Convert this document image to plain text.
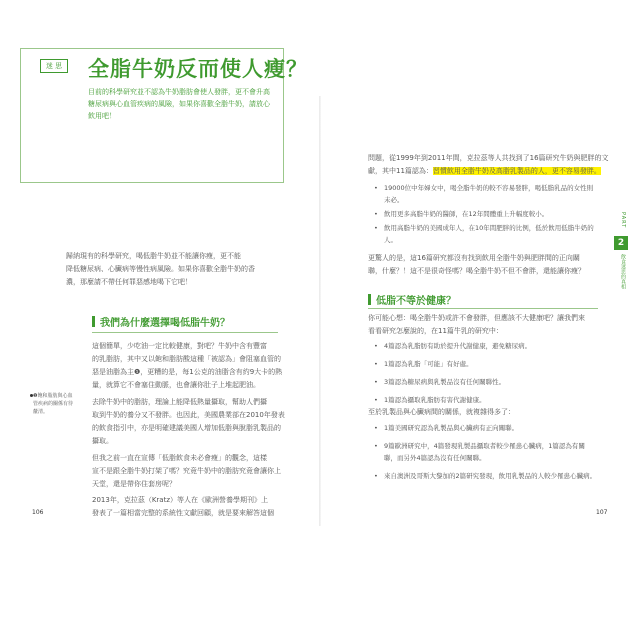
迷 思 全脂牛奶反而使人瘦？
目前的科學研究並不認為牛奶脂肪會使人發胖，更不會升高
糖尿病與心血管疾病的風險，如果你喜歡全脂牛奶，請放心
飲用吧！
歸納現有的科學研究，喝低脂牛奶並不能讓你瘦，更不能
降低糖尿病、心臟病等慢性病風險。如果你喜歡全脂牛奶的香
濃，那麼請不帶任何罪惡感地喝下它吧！
我們為什麼選擇喝低脂牛奶？
這個簡單，少吃油一定比較健康，對吧？牛奶中含有豐富
的乳脂肪，其中又以飽和脂肪酸這種「被認為」會阻塞血管的
惡是油脂為主❶，更糟的是，每1公克的油脂含有約9大卡的熱
量，就算它不會塞住動脈，也會讓你肚子上堆起肥油。
去除牛奶中的脂肪，理論上能降低熱量攝取，幫助人們攝
取到牛奶的養分又不發胖。也因此，美國農業部在2010年發表
的飲食指引中，亦是明確建議美國人增加低脂與脫脂乳製品的
攝取。
但我之前一直在宣傳「低脂飲食未必會瘦」的觀念，這樣
宣不是跟全脂牛奶打架了嗎？究竟牛奶中的脂肪究竟會讓你上
天堂，還是帶你住套房呢？
2013年，克拉茲（Kratz）等人在《歐洲營養學期刊》上
發表了一篇相當完整的系統性文獻回顧，就是要來解答這個
❶飽和脂肪與心血
管疾病的關係有待
釐清。
106
問題，從1999年到2011年間，克拉茲等人共找到了16篇研究牛奶與肥胖的文
獻，其中11篇認為：習慣飲用全脂牛奶及高脂乳製品的人，更不容易發胖。
• 19000位中年婦女中，喝全脂牛奶的較不容易發胖，喝低脂乳品的女性則
未必。
• 飲用更多高脂牛奶的醫師，在12年間體重上升幅度較小。
• 飲用高脂牛奶的美國成年人，在10年間肥胖的比例，低於飲用低脂牛奶的
人。
更驚人的是，這16篇研究都沒有找到飲用全脂牛奶與肥胖間的正向關
聯，什麼？！這不是很奇怪嗎？喝全脂牛奶不但不會胖，還能讓你瘦？
低脂不等於健康？
你可能心想：喝全脂牛奶或許不會發胖，但應該不大健康吧？讓我們來
看看研究怎麼說的，在11篇牛乳的研究中：
• 4篇認為乳脂肪有助於提升代謝健康，避免糖尿病。
• 1篇認為乳脂「可能」有好處。
• 3篇認為糖尿病與乳製品沒有任何關聯性。
• 1篇認為攝取乳脂肪有害代謝健康。
至於乳製品與心臟病間的關係，就複雜得多了：
• 1篇美國研究認為乳製品與心臟病有正向關聯。
• 9篇歐洲研究中，4篇發現乳製品攝取者較少罹患心臟病，1篇認為有關
聯，而另外4篇認為沒有任何關聯。
• 來自澳洲及哥斯大黎加的2篇研究發現，飲用乳製品的人較少罹患心臟病。
PART
2
飲食迷思的真相
107
